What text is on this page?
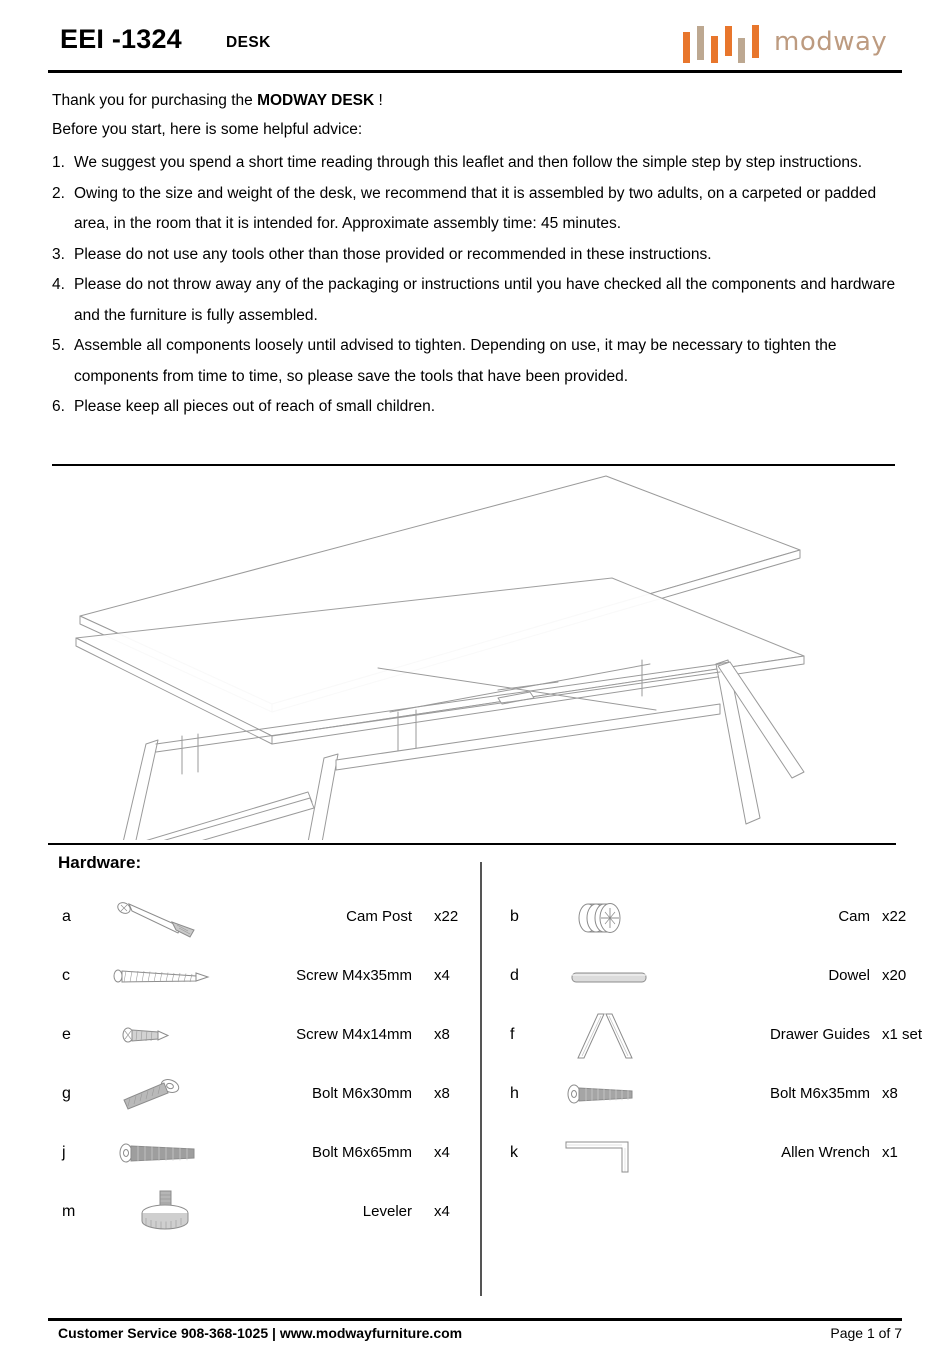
EEI -1324	DESK	modway
Thank you for purchasing the MODWAY DESK !
Before you start, here is some helpful advice:
1. We suggest you spend a short time reading through this leaflet and then follow the simple step by step instructions.
2. Owing to the size and weight of the desk, we recommend that it is assembled by two adults, on a carpeted or padded area, in the room that it is intended for. Approximate assembly time: 45 minutes.
3. Please do not use any tools other than those provided or recommended in these instructions.
4. Please do not throw away any of the packaging or instructions until you have checked all the components and hardware and the furniture is fully assembled.
5. Assemble all components loosely until advised to tighten. Depending on use, it may be necessary to tighten the components from time to time, so please save the tools that have been provided.
6. Please keep all pieces out of reach of small children.
Hardware:
a	Cam Post x22
c	Screw M4x35mm x4
e	Screw M4x14mm x8
g	Bolt M6x30mm x8
j	Bolt M6x65mm x4
m	Leveler x4
b	Cam x22
d	Dowel x20
f	Drawer Guides x1 set
h	Bolt M6x35mm x8
k	Allen Wrench x1
Customer Service 908-368-1025 | www.modwayfurniture.com	Page 1 of 7
